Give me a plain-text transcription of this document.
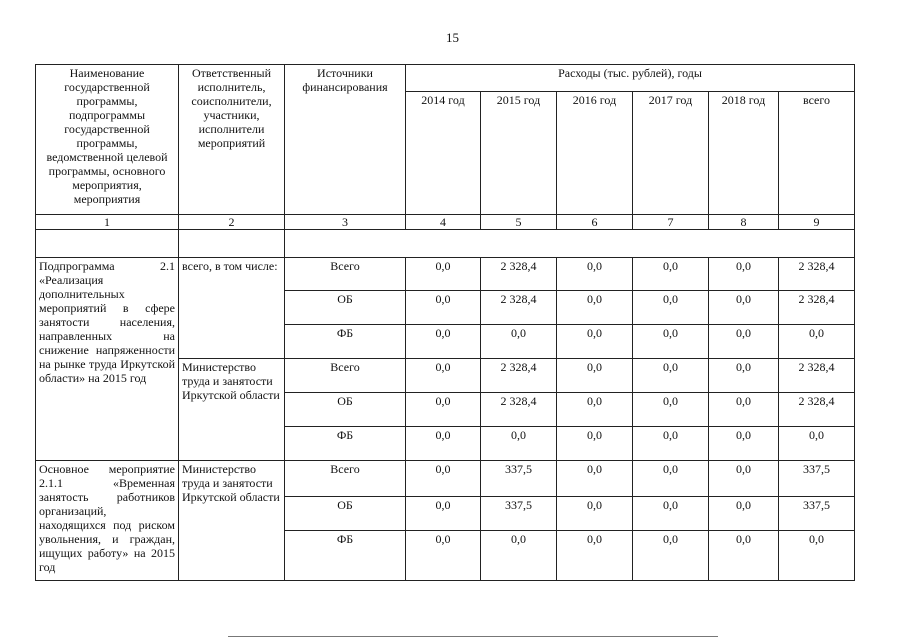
15
Наименование государственной программы, подпрограммы государственной программы, ведомственной целевой программы, основного мероприятия, мероприятия	Ответственный исполнитель, соисполнители, участники, исполнители мероприятий	Источники финансирования	Расходы (тыс. рублей), годы					
			2014 год	2015 год	2016 год	2017 год	2018 год	всего
1	2	3	4	5	6	7	8	9

Подпрограмма 2.1 «Реализация дополнительных мероприятий в сфере занятости населения, направленных на снижение напряженности на рынке труда Иркутской области» на 2015 год	всего, в том числе:	Всего	0,0	2 328,4	0,0	0,0	0,0	2 328,4
		ОБ	0,0	2 328,4	0,0	0,0	0,0	2 328,4
		ФБ	0,0	0,0	0,0	0,0	0,0	0,0
	Министерство труда и занятости Иркутской области	Всего	0,0	2 328,4	0,0	0,0	0,0	2 328,4
		ОБ	0,0	2 328,4	0,0	0,0	0,0	2 328,4
		ФБ	0,0	0,0	0,0	0,0	0,0	0,0
Основное мероприятие 2.1.1 «Временная занятость работников организаций, находящихся под риском увольнения, и граждан, ищущих работу» на 2015 год	Министерство труда и занятости Иркутской области	Всего	0,0	337,5	0,0	0,0	0,0	337,5
		ОБ	0,0	337,5	0,0	0,0	0,0	337,5
		ФБ	0,0	0,0	0,0	0,0	0,0	0,0
